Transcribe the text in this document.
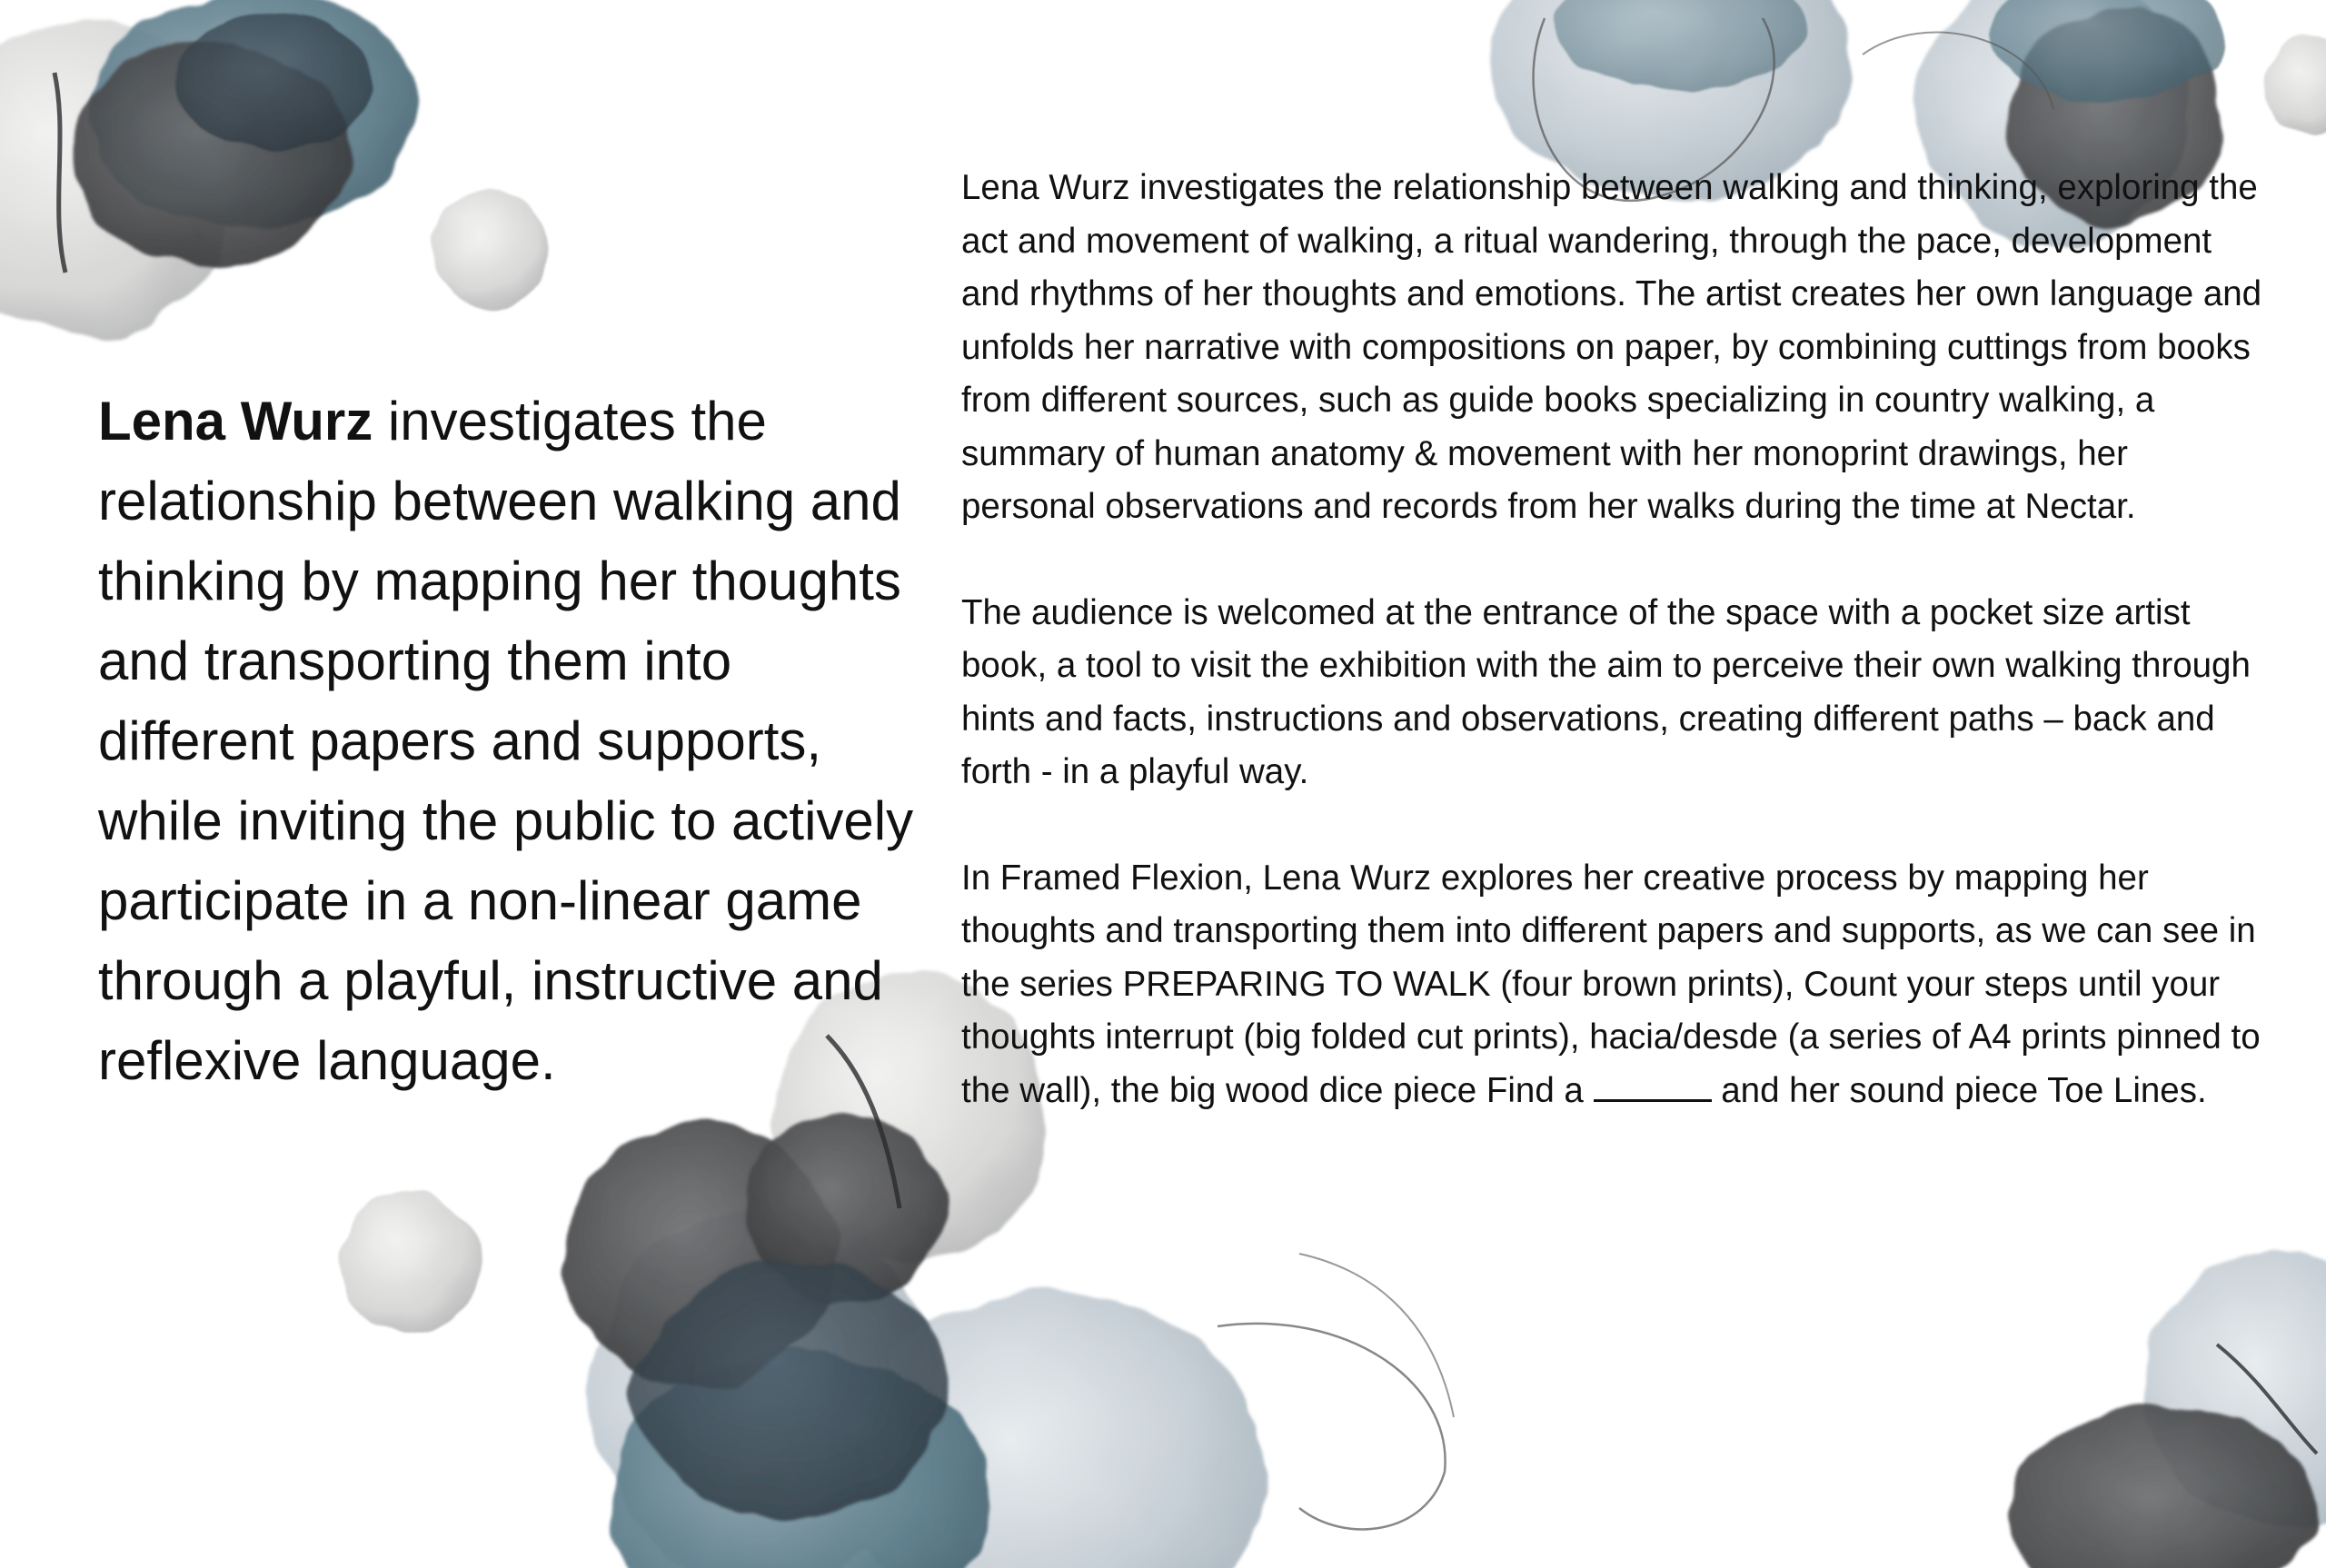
Lena Wurz investigates the relationship between walking and thinking by mapping her thoughts and transporting them into different papers and supports, while inviting the public to actively participate in a non-linear game through a playful, instructive and reflexive language.

Lena Wurz investigates the relationship between walking and thinking, exploring the act and movement of walking, a ritual wandering, through the pace, development and rhythms of her thoughts and emotions. The artist creates her own language and unfolds her narrative with compositions on paper, by combining cuttings from books from different sources, such as guide books specializing in country walking, a summary of human anatomy & movement with her monoprint drawings, her personal observations and records from her walks during the time at Nectar.

The audience is welcomed at the entrance of the space with a pocket size artist book, a tool to visit the exhibition with the aim to perceive their own walking through hints and facts, instructions and observations, creating different paths – back and forth - in a playful way.

In Framed Flexion, Lena Wurz explores her creative process by mapping her thoughts and transporting them into different papers and supports, as we can see in the series PREPARING TO WALK (four brown prints), Count your steps until your thoughts interrupt (big folded cut prints), hacia/desde (a series of A4 prints pinned to the wall), the big wood dice piece Find a	and her sound piece Toe Lines.
